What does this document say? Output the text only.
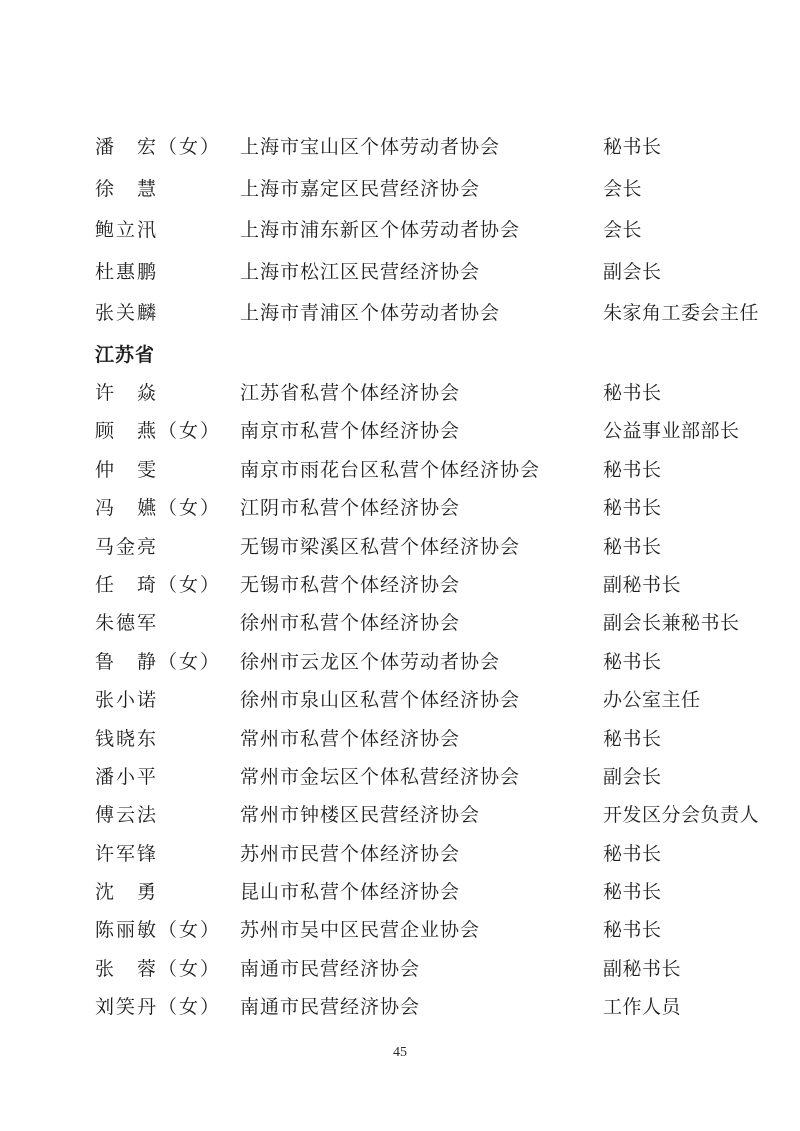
潘　宏（女） 上海市宝山区个体劳动者协会	秘书长
徐　慧	上海市嘉定区民营经济协会	会长
鲍立汛	上海市浦东新区个体劳动者协会	会长
杜惠鹏	上海市松江区民营经济协会	副会长
张关麟	上海市青浦区个体劳动者协会	朱家角工委会主任
江苏省
许　焱	江苏省私营个体经济协会	秘书长
顾　燕（女） 南京市私营个体经济协会	公益事业部部长
仲　雯	南京市雨花台区私营个体经济协会	秘书长
冯　嬿（女） 江阴市私营个体经济协会	秘书长
马金亮	无锡市梁溪区私营个体经济协会	秘书长
任　琦（女） 无锡市私营个体经济协会	副秘书长
朱德军	徐州市私营个体经济协会	副会长兼秘书长
鲁　静（女） 徐州市云龙区个体劳动者协会	秘书长
张小诺	徐州市泉山区私营个体经济协会	办公室主任
钱晓东	常州市私营个体经济协会	秘书长
潘小平	常州市金坛区个体私营经济协会	副会长
傅云法	常州市钟楼区民营经济协会	开发区分会负责人
许军锋	苏州市民营个体经济协会	秘书长
沈　勇	昆山市私营个体经济协会	秘书长
陈丽敏（女） 苏州市吴中区民营企业协会	秘书长
张　蓉（女） 南通市民营经济协会	副秘书长
刘笑丹（女） 南通市民营经济协会	工作人员
45
